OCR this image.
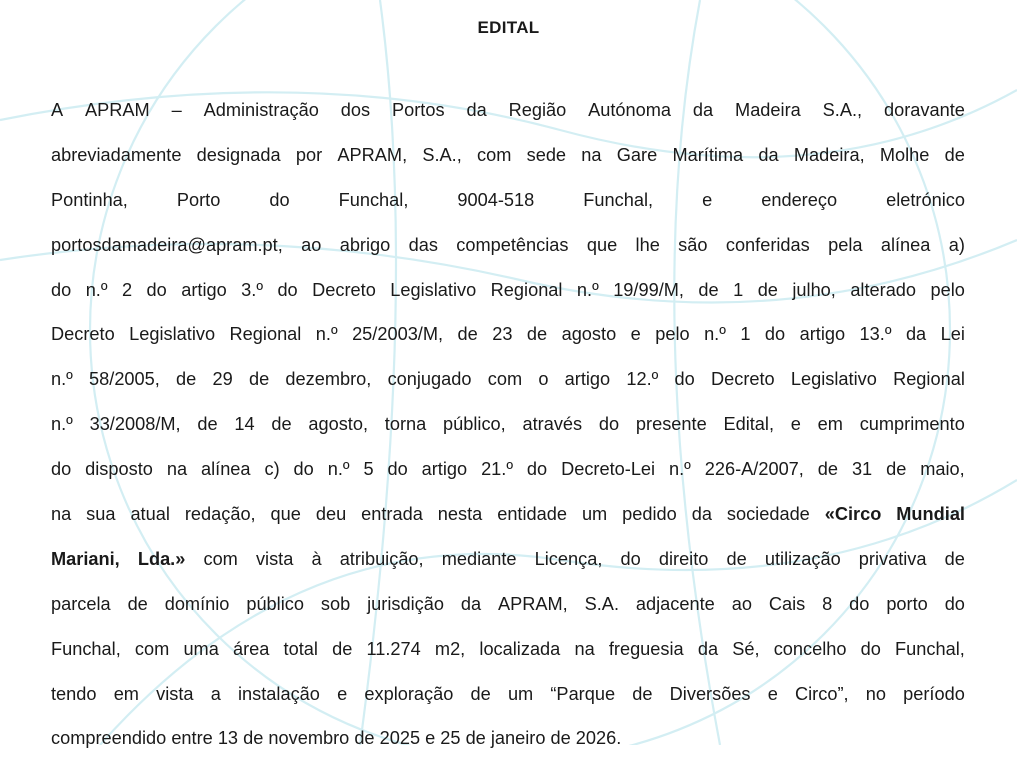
EDITAL
A APRAM – Administração dos Portos da Região Autónoma da Madeira S.A., doravante
abreviadamente designada por APRAM, S.A., com sede na Gare Marítima da Madeira, Molhe de
Pontinha,	Porto	do	Funchal,	9004-518	Funchal,	e	endereço	eletrónico
portosdamadeira@apram.pt, ao abrigo das competências que lhe são conferidas pela alínea a)
do n.º 2 do artigo 3.º do Decreto Legislativo Regional n.º 19/99/M, de 1 de julho, alterado pelo
Decreto Legislativo Regional n.º 25/2003/M, de 23 de agosto e pelo n.º 1 do artigo 13.º da Lei
n.º 58/2005, de 29 de dezembro, conjugado com o artigo 12.º do Decreto Legislativo Regional
n.º 33/2008/M, de 14 de agosto, torna público, através do presente Edital, e em cumprimento
do disposto na alínea c) do n.º 5 do artigo 21.º do Decreto-Lei n.º 226-A/2007, de 31 de maio,
na sua atual redação, que deu entrada nesta entidade um pedido da sociedade «Circo Mundial
Mariani, Lda.» com vista à atribuição, mediante Licença, do direito de utilização privativa de
parcela de domínio público sob jurisdição da APRAM, S.A. adjacente ao Cais 8 do porto do
Funchal, com uma área total de 11.274 m2, localizada na freguesia da Sé, concelho do Funchal,
tendo em vista a instalação e exploração de um “Parque de Diversões e Circo”, no período
compreendido entre 13 de novembro de 2025 e 25 de janeiro de 2026.
